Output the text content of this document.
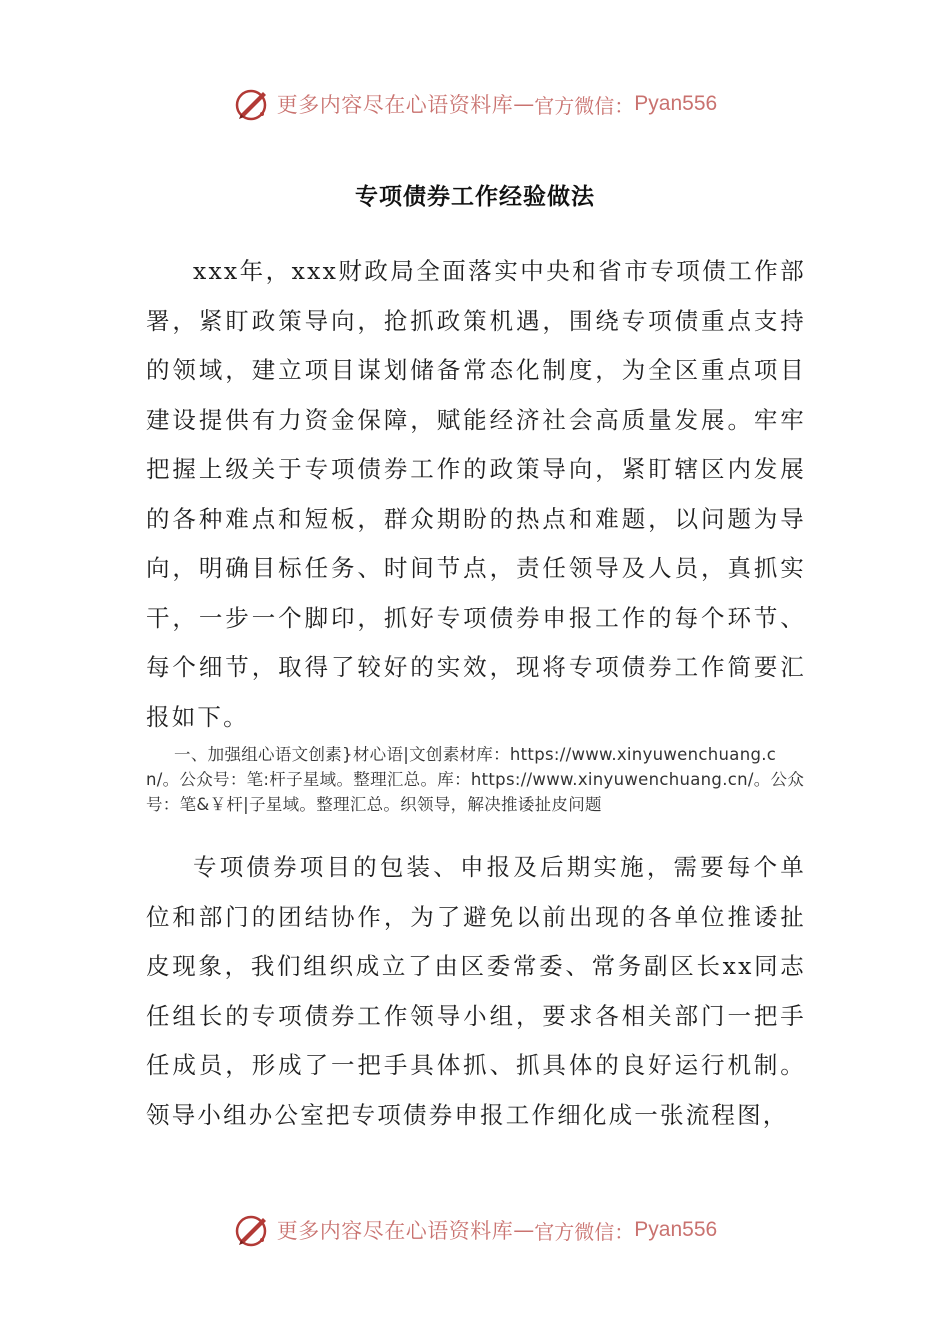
更多内容尽在心语资料库 — 官方微信： Pyan556
专项债券工作经验做法

xxx年，xxx财政局全面落实中央和省市专项债工作部署，紧盯政策导向，抢抓政策机遇，围绕专项债重点支持的领域，建立项目谋划储备常态化制度，为全区重点项目建设提供有力资金保障，赋能经济社会高质量发展。牢牢把握上级关于专项债券工作的政策导向，紧盯辖区内发展的各种难点和短板，群众期盼的热点和难题，以问题为导向，明确目标任务、时间节点，责任领导及人员，真抓实干，一步一个脚印，抓好专项债券申报工作的每个环节、每个细节，取得了较好的实效，现将专项债券工作简要汇报如下。

一、加强组心语文创素}材心语|文创素材库：https://www.xinyuwenchuang.cn/。公众号：笔:杆子星域。整理汇总。库：https://www.xinyuwenchuang.cn/。公众号：笔&￥杆|子星域。整理汇总。织领导，解决推诿扯皮问题

专项债券项目的包装、申报及后期实施，需要每个单位和部门的团结协作，为了避免以前出现的各单位推诿扯皮现象，我们组织成立了由区委常委、常务副区长xx同志任组长的专项债券工作领导小组，要求各相关部门一把手任成员，形成了一把手具体抓、抓具体的良好运行机制。领导小组办公室把专项债券申报工作细化成一张流程图，

更多内容尽在心语资料库 — 官方微信： Pyan556
